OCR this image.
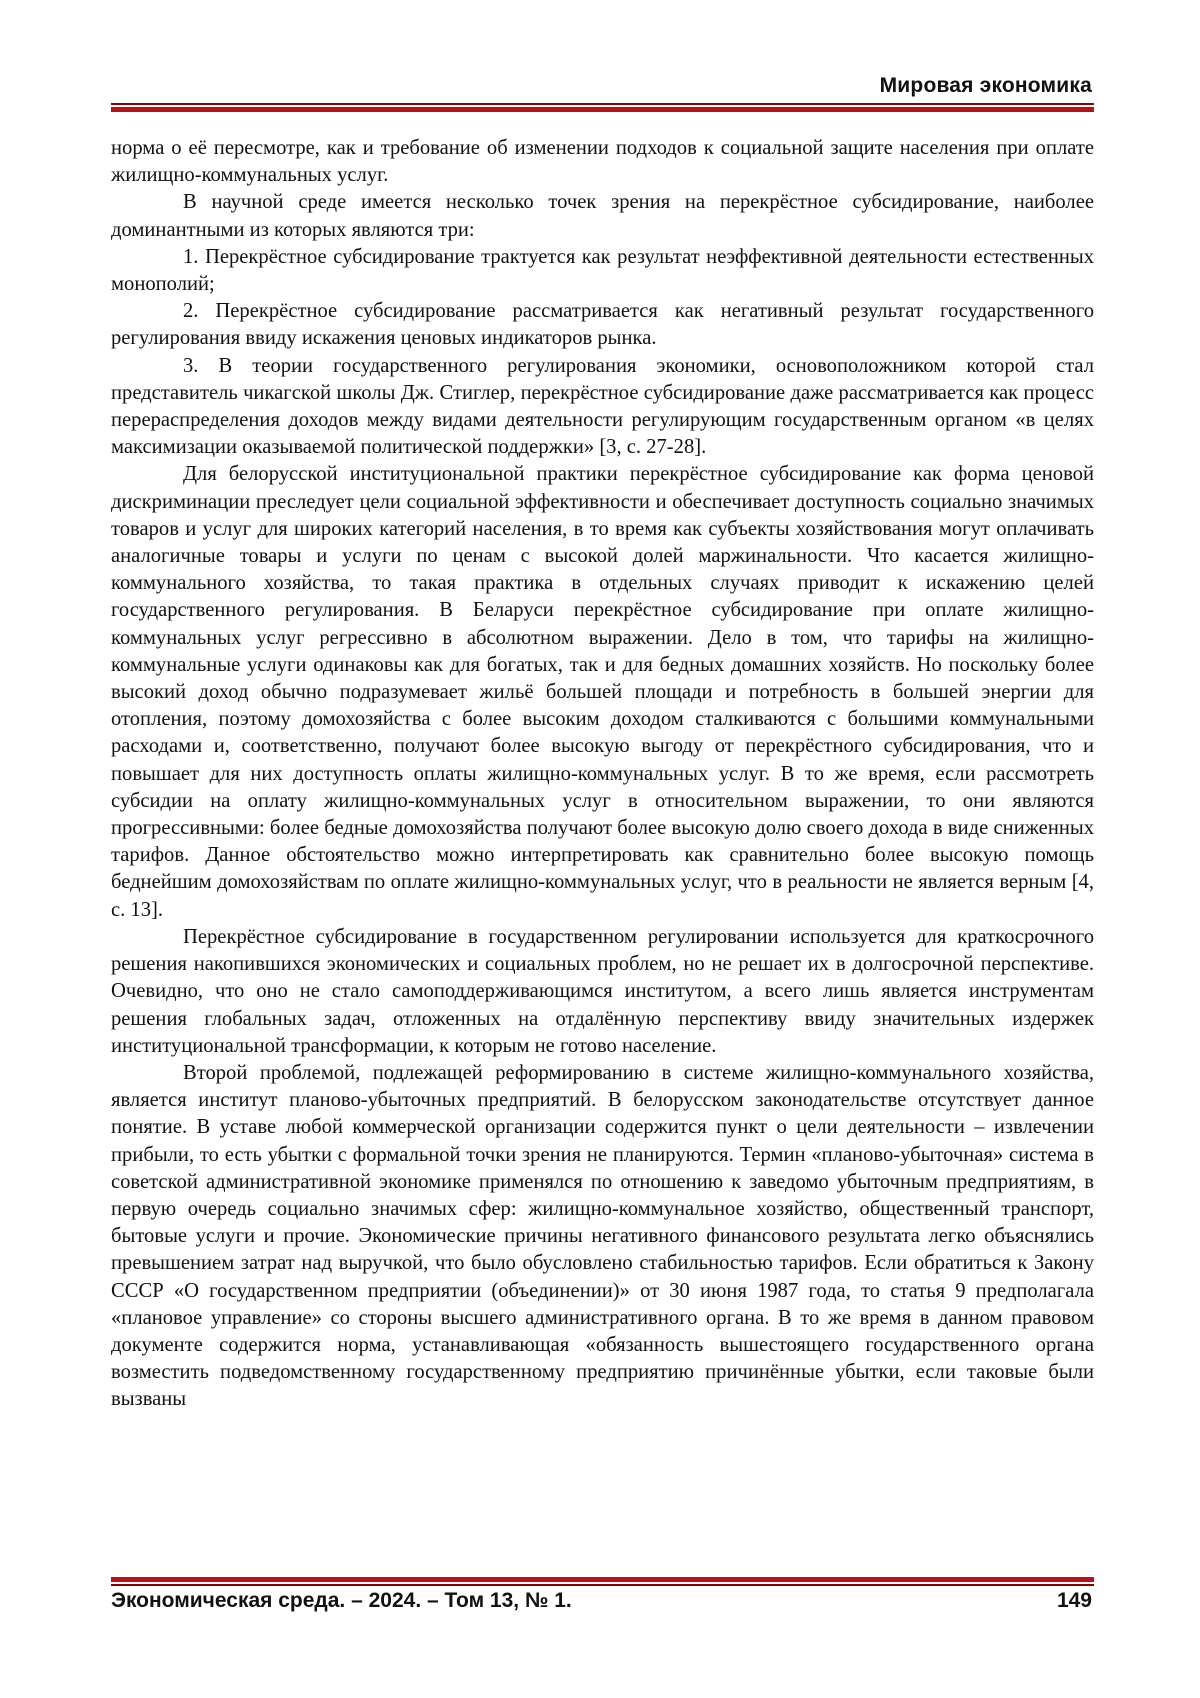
Мировая экономика

норма о её пересмотре, как и требование об изменении подходов к социальной защите населения при оплате жилищно-коммунальных услуг.

В научной среде имеется несколько точек зрения на перекрёстное субсидирование, наиболее доминантными из которых являются три:

1. Перекрёстное субсидирование трактуется как результат неэффективной деятельности естественных монополий;

2. Перекрёстное субсидирование рассматривается как негативный результат государственного регулирования ввиду искажения ценовых индикаторов рынка.

3. В теории государственного регулирования экономики, основоположником которой стал представитель чикагской школы Дж. Стиглер, перекрёстное субсидирование даже рассматривается как процесс перераспределения доходов между видами деятельности регулирующим государственным органом «в целях максимизации оказываемой политической поддержки» [3, с. 27-28].

Для белорусской институциональной практики перекрёстное субсидирование как форма ценовой дискриминации преследует цели социальной эффективности и обеспечивает доступность социально значимых товаров и услуг для широких категорий населения, в то время как субъекты хозяйствования могут оплачивать аналогичные товары и услуги по ценам с высокой долей маржинальности. Что касается жилищно-коммунального хозяйства, то такая практика в отдельных случаях приводит к искажению целей государственного регулирования. В Беларуси перекрёстное субсидирование при оплате жилищно-коммунальных услуг регрессивно в абсолютном выражении. Дело в том, что тарифы на жилищно-коммунальные услуги одинаковы как для богатых, так и для бедных домашних хозяйств. Но поскольку более высокий доход обычно подразумевает жильё большей площади и потребность в большей энергии для отопления, поэтому домохозяйства с более высоким доходом сталкиваются с большими коммунальными расходами и, соответственно, получают более высокую выгоду от перекрёстного субсидирования, что и повышает для них доступность оплаты жилищно-коммунальных услуг. В то же время, если рассмотреть субсидии на оплату жилищно-коммунальных услуг в относительном выражении, то они являются прогрессивными: более бедные домохозяйства получают более высокую долю своего дохода в виде сниженных тарифов. Данное обстоятельство можно интерпретировать как сравнительно более высокую помощь беднейшим домохозяйствам по оплате жилищно-коммунальных услуг, что в реальности не является верным [4, с. 13].

Перекрёстное субсидирование в государственном регулировании используется для краткосрочного решения накопившихся экономических и социальных проблем, но не решает их в долгосрочной перспективе. Очевидно, что оно не стало самоподдерживающимся институтом, а всего лишь является инструментам решения глобальных задач, отложенных на отдалённую перспективу ввиду значительных издержек институциональной трансформации, к которым не готово население.

Второй проблемой, подлежащей реформированию в системе жилищно-коммунального хозяйства, является институт планово-убыточных предприятий. В белорусском законодательстве отсутствует данное понятие. В уставе любой коммерческой организации содержится пункт о цели деятельности – извлечении прибыли, то есть убытки с формальной точки зрения не планируются. Термин «планово-убыточная» система в советской административной экономике применялся по отношению к заведомо убыточным предприятиям, в первую очередь социально значимых сфер: жилищно-коммунальное хозяйство, общественный транспорт, бытовые услуги и прочие. Экономические причины негативного финансового результата легко объяснялись превышением затрат над выручкой, что было обусловлено стабильностью тарифов. Если обратиться к Закону СССР «О государственном предприятии (объединении)» от 30 июня 1987 года, то статья 9 предполагала «плановое управление» со стороны высшего административного органа. В то же время в данном правовом документе содержится норма, устанавливающая «обязанность вышестоящего государственного органа возместить подведомственному государственному предприятию причинённые убытки, если таковые были вызваны

Экономическая среда. – 2024. – Том 13, № 1.	149
